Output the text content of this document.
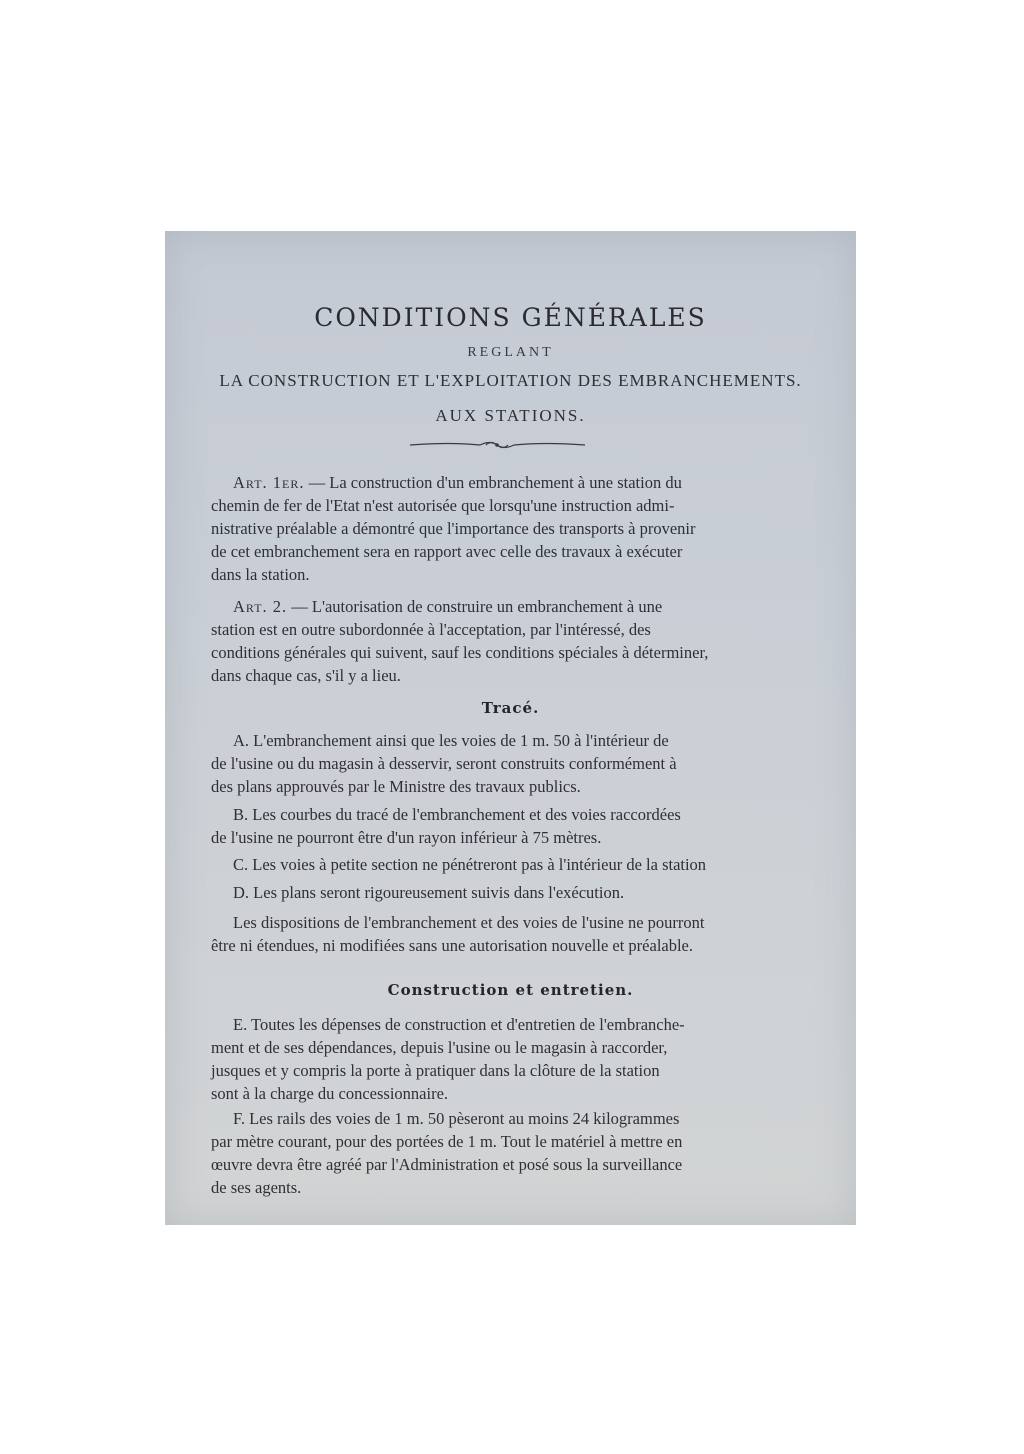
CONDITIONS GÉNÉRALES
REGLANT
LA CONSTRUCTION ET L'EXPLOITATION DES EMBRANCHEMENTS.
AUX STATIONS.
Art. 1er. — La construction d'un embranchement à une station du
chemin de fer de l'Etat n'est autorisée que lorsqu'une instruction admi-
nistrative préalable a démontré que l'importance des transports à provenir
de cet embranchement sera en rapport avec celle des travaux à exécuter
dans la station.
Art. 2. — L'autorisation de construire un embranchement à une
station est en outre subordonnée à l'acceptation, par l'intéressé, des
conditions générales qui suivent, sauf les conditions spéciales à déterminer,
dans chaque cas, s'il y a lieu.
Tracé.
A. L'embranchement ainsi que les voies de 1 m. 50 à l'intérieur de
de l'usine ou du magasin à desservir, seront construits conformément à
des plans approuvés par le Ministre des travaux publics.
B. Les courbes du tracé de l'embranchement et des voies raccordées
de l'usine ne pourront être d'un rayon inférieur à 75 mètres.
C. Les voies à petite section ne pénétreront pas à l'intérieur de la station
D. Les plans seront rigoureusement suivis dans l'exécution.
Les dispositions de l'embranchement et des voies de l'usine ne pourront
être ni étendues, ni modifiées sans une autorisation nouvelle et préalable.
Construction et entretien.
E. Toutes les dépenses de construction et d'entretien de l'embranche-
ment et de ses dépendances, depuis l'usine ou le magasin à raccorder,
jusques et y compris la porte à pratiquer dans la clôture de la station
sont à la charge du concessionnaire.
F. Les rails des voies de 1 m. 50 pèseront au moins 24 kilogrammes
par mètre courant, pour des portées de 1 m. Tout le matériel à mettre en
œuvre devra être agréé par l'Administration et posé sous la surveillance
de ses agents.
